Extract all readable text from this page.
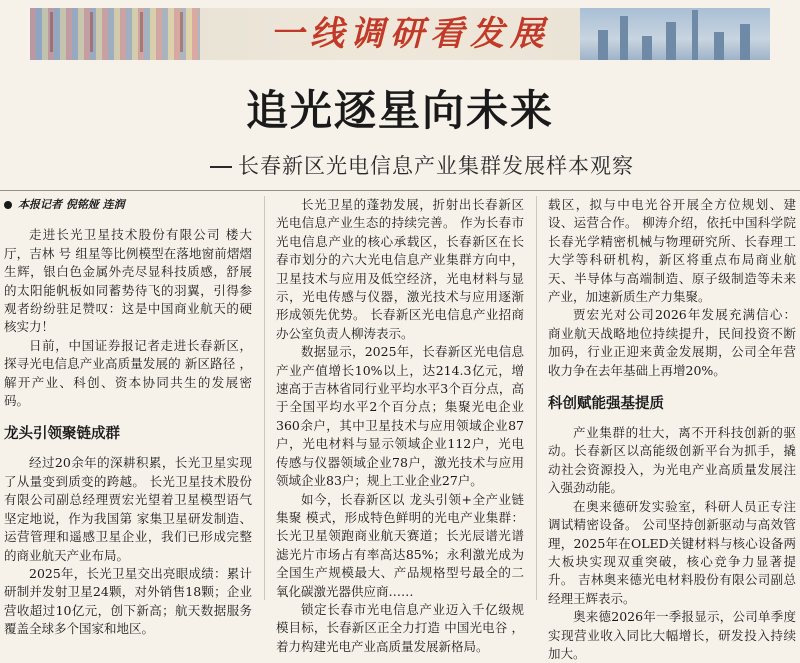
一线调研看发展
追光逐星向未来
长春新区光电信息产业集群发展样本观察
本报记者 倪铭娅 连润

走进长光卫星技术股份有限公司 楼大厅，吉林 号 组星等比例模型在落地窗前熠熠生辉，银白色金属外壳尽显科技质感，舒展的太阳能帆板如同蓄势待飞的羽翼，引得参观者纷纷驻足赞叹：这是中国商业航天的硬核实力！

日前，中国证券报记者走进长春新区，探寻光电信息产业高质量发展的 新区路径 ，解开产业、科创、资本协同共生的发展密码。

龙头引领聚链成群

经过20余年的深耕积累，长光卫星实现了从量变到质变的跨越。 长光卫星技术股份有限公司副总经理贾宏光望着卫星模型语气坚定地说，作为我国第 家集卫星研发制造、运营管理和遥感卫星企业，我们已形成完整的商业航天产业布局。

2025年，长光卫星交出亮眼成绩：累计研制并发射卫星24颗，对外销售18颗；企业营收超过10亿元，创下新高；航天数据服务覆盖全球多个国家和地区。

长光卫星的蓬勃发展，折射出长春新区光电信息产业生态的持续完善。 作为长春市光电信息产业的核心承载区，长春新区在长春市划分的六大光电信息产业集群方向中，卫星技术与应用及低空经济，光电材料与显示，光电传感与仪器，激光技术与应用逐渐形成领先优势。 长春新区光电信息产业招商办公室负责人柳涛表示。

数据显示，2025年，长春新区光电信息产业产值增长10%以上，达214.3亿元，增速高于吉林省同行业平均水平3个百分点，高于全国平均水平2个百分点；集聚光电企业360余户，其中卫星技术与应用领域企业87户，光电材料与显示领域企业112户，光电传感与仪器领域企业78户，激光技术与应用领域企业83户；规上工业企业27户。

如今，长春新区以 龙头引领+全产业链集聚 模式，形成特色鲜明的光电产业集群：长光卫星领跑商业航天赛道；长光辰谱光谱滤光片市场占有率高达85%；永利激光成为全国生产规模最大、产品规格型号最全的二氧化碳激光器供应商……

锁定长春市光电信息产业迈入千亿级规模目标，长春新区正全力打造 中国光电谷 ，着力构建光电产业高质量发展新格局。

载区，拟与中电光谷开展全方位规划、建设、运营合作。 柳涛介绍，依托中国科学院长春光学精密机械与物理研究所、长春理工大学等科研机构，新区将重点布局商业航天、半导体与高端制造、原子级制造等未来产业，加速新质生产力集聚。

贾宏光对公司2026年发展充满信心： 商业航天战略地位持续提升，民间投资不断加码，行业正迎来黄金发展期，公司全年营收力争在去年基础上再增20%。

科创赋能强基提质

产业集群的壮大，离不开科技创新的驱动。长春新区以高能级创新平台为抓手，撬动社会资源投入，为光电产业高质量发展注入强劲动能。

在奥来德研发实验室，科研人员正专注调试精密设备。 公司坚持创新驱动与高效管理，2025年在OLED关键材料与核心设备两大板块实现双重突破，核心竞争力显著提升。 吉林奥来德光电材料股份有限公司副总经理王辉表示。

奥来德2026年一季报显示，公司单季度实现营业收入同比大幅增长，研发投入持续加大。
